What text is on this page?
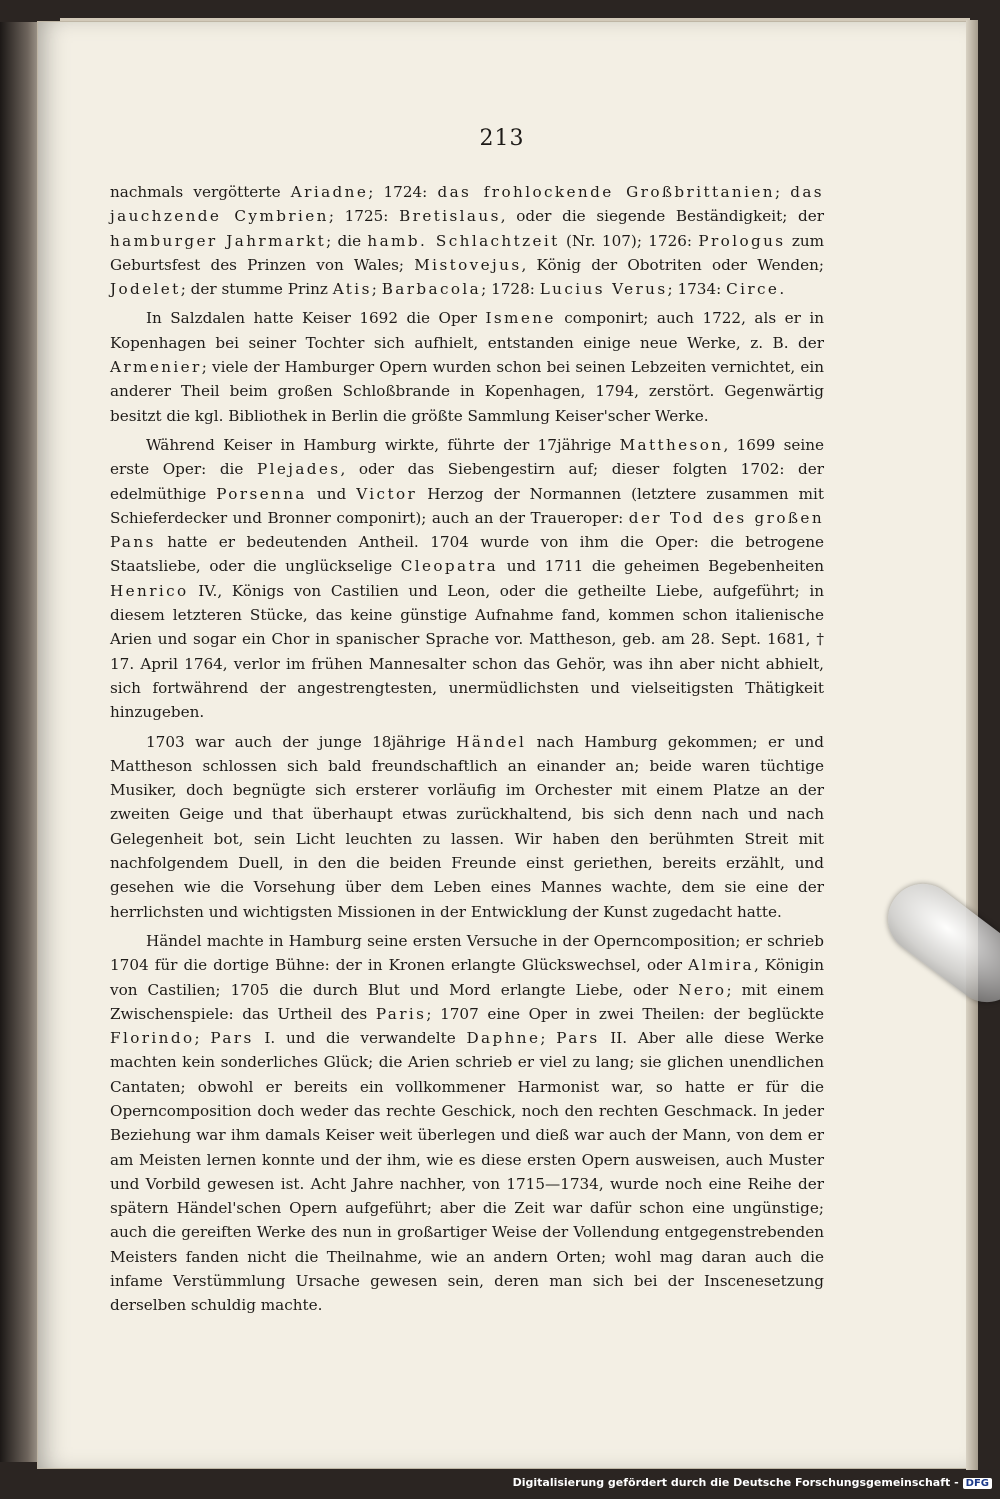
213

nachmals vergötterte Ariadne; 1724: das frohlockende Großbrittanien; das jauchzende Cymbrien; 1725: Bretislaus, oder die siegende Beständigkeit; der hamburger Jahrmarkt; die hamb. Schlachtzeit (Nr. 107); 1726: Prologus zum Geburtsfest des Prinzen von Wales; Mistovejus, König der Obotriten oder Wenden; Jodelet; der stumme Prinz Atis; Barbacola; 1728: Lucius Verus; 1734: Circe.

In Salzdalen hatte Keiser 1692 die Oper Ismene componirt; auch 1722, als er in Kopenhagen bei seiner Tochter sich aufhielt, entstanden einige neue Werke, z. B. der Armenier; viele der Hamburger Opern wurden schon bei seinen Lebzeiten vernichtet, ein anderer Theil beim großen Schloßbrande in Kopenhagen, 1794, zerstört. Gegenwärtig besitzt die kgl. Bibliothek in Berlin die größte Sammlung Keiser'scher Werke.

Während Keiser in Hamburg wirkte, führte der 17jährige Mattheson, 1699 seine erste Oper: die Plejades, oder das Siebengestirn auf; dieser folgten 1702: der edelmüthige Porsenna und Victor Herzog der Normannen (letztere zusammen mit Schieferdecker und Bronner componirt); auch an der Traueroper: der Tod des großen Pans hatte er bedeutenden Antheil. 1704 wurde von ihm die Oper: die betrogene Staatsliebe, oder die unglückselige Cleopatra und 1711 die geheimen Begebenheiten Henrico IV., Königs von Castilien und Leon, oder die getheilte Liebe, aufgeführt; in diesem letzteren Stücke, das keine günstige Aufnahme fand, kommen schon italienische Arien und sogar ein Chor in spanischer Sprache vor. Mattheson, geb. am 28. Sept. 1681, † 17. April 1764, verlor im frühen Mannesalter schon das Gehör, was ihn aber nicht abhielt, sich fortwährend der angestrengtesten, unermüdlichsten und vielseitigsten Thätigkeit hinzugeben.

1703 war auch der junge 18jährige Händel nach Hamburg gekommen; er und Mattheson schlossen sich bald freundschaftlich an einander an; beide waren tüchtige Musiker, doch begnügte sich ersterer vorläufig im Orchester mit einem Platze an der zweiten Geige und that überhaupt etwas zurückhaltend, bis sich denn nach und nach Gelegenheit bot, sein Licht leuchten zu lassen. Wir haben den berühmten Streit mit nachfolgendem Duell, in den die beiden Freunde einst geriethen, bereits erzählt, und gesehen wie die Vorsehung über dem Leben eines Mannes wachte, dem sie eine der herrlichsten und wichtigsten Missionen in der Entwicklung der Kunst zugedacht hatte.

Händel machte in Hamburg seine ersten Versuche in der Operncomposition; er schrieb 1704 für die dortige Bühne: der in Kronen erlangte Glückswechsel, oder Almira, Königin von Castilien; 1705 die durch Blut und Mord erlangte Liebe, oder Nero; mit einem Zwischenspiele: das Urtheil des Paris; 1707 eine Oper in zwei Theilen: der beglückte Florindo; Pars I. und die verwandelte Daphne; Pars II. Aber alle diese Werke machten kein sonderliches Glück; die Arien schrieb er viel zu lang; sie glichen unendlichen Cantaten; obwohl er bereits ein vollkommener Harmonist war, so hatte er für die Operncomposition doch weder das rechte Geschick, noch den rechten Geschmack. In jeder Beziehung war ihm damals Keiser weit überlegen und dieß war auch der Mann, von dem er am Meisten lernen konnte und der ihm, wie es diese ersten Opern ausweisen, auch Muster und Vorbild gewesen ist. Acht Jahre nachher, von 1715—1734, wurde noch eine Reihe der spätern Händel'schen Opern aufgeführt; aber die Zeit war dafür schon eine ungünstige; auch die gereiften Werke des nun in großartiger Weise der Vollendung entgegenstrebenden Meisters fanden nicht die Theilnahme, wie an andern Orten; wohl mag daran auch die infame Verstümmlung Ursache gewesen sein, deren man sich bei der Inscenesetzung derselben schuldig machte.

Digitalisierung gefördert durch die Deutsche Forschungsgemeinschaft - DFG
